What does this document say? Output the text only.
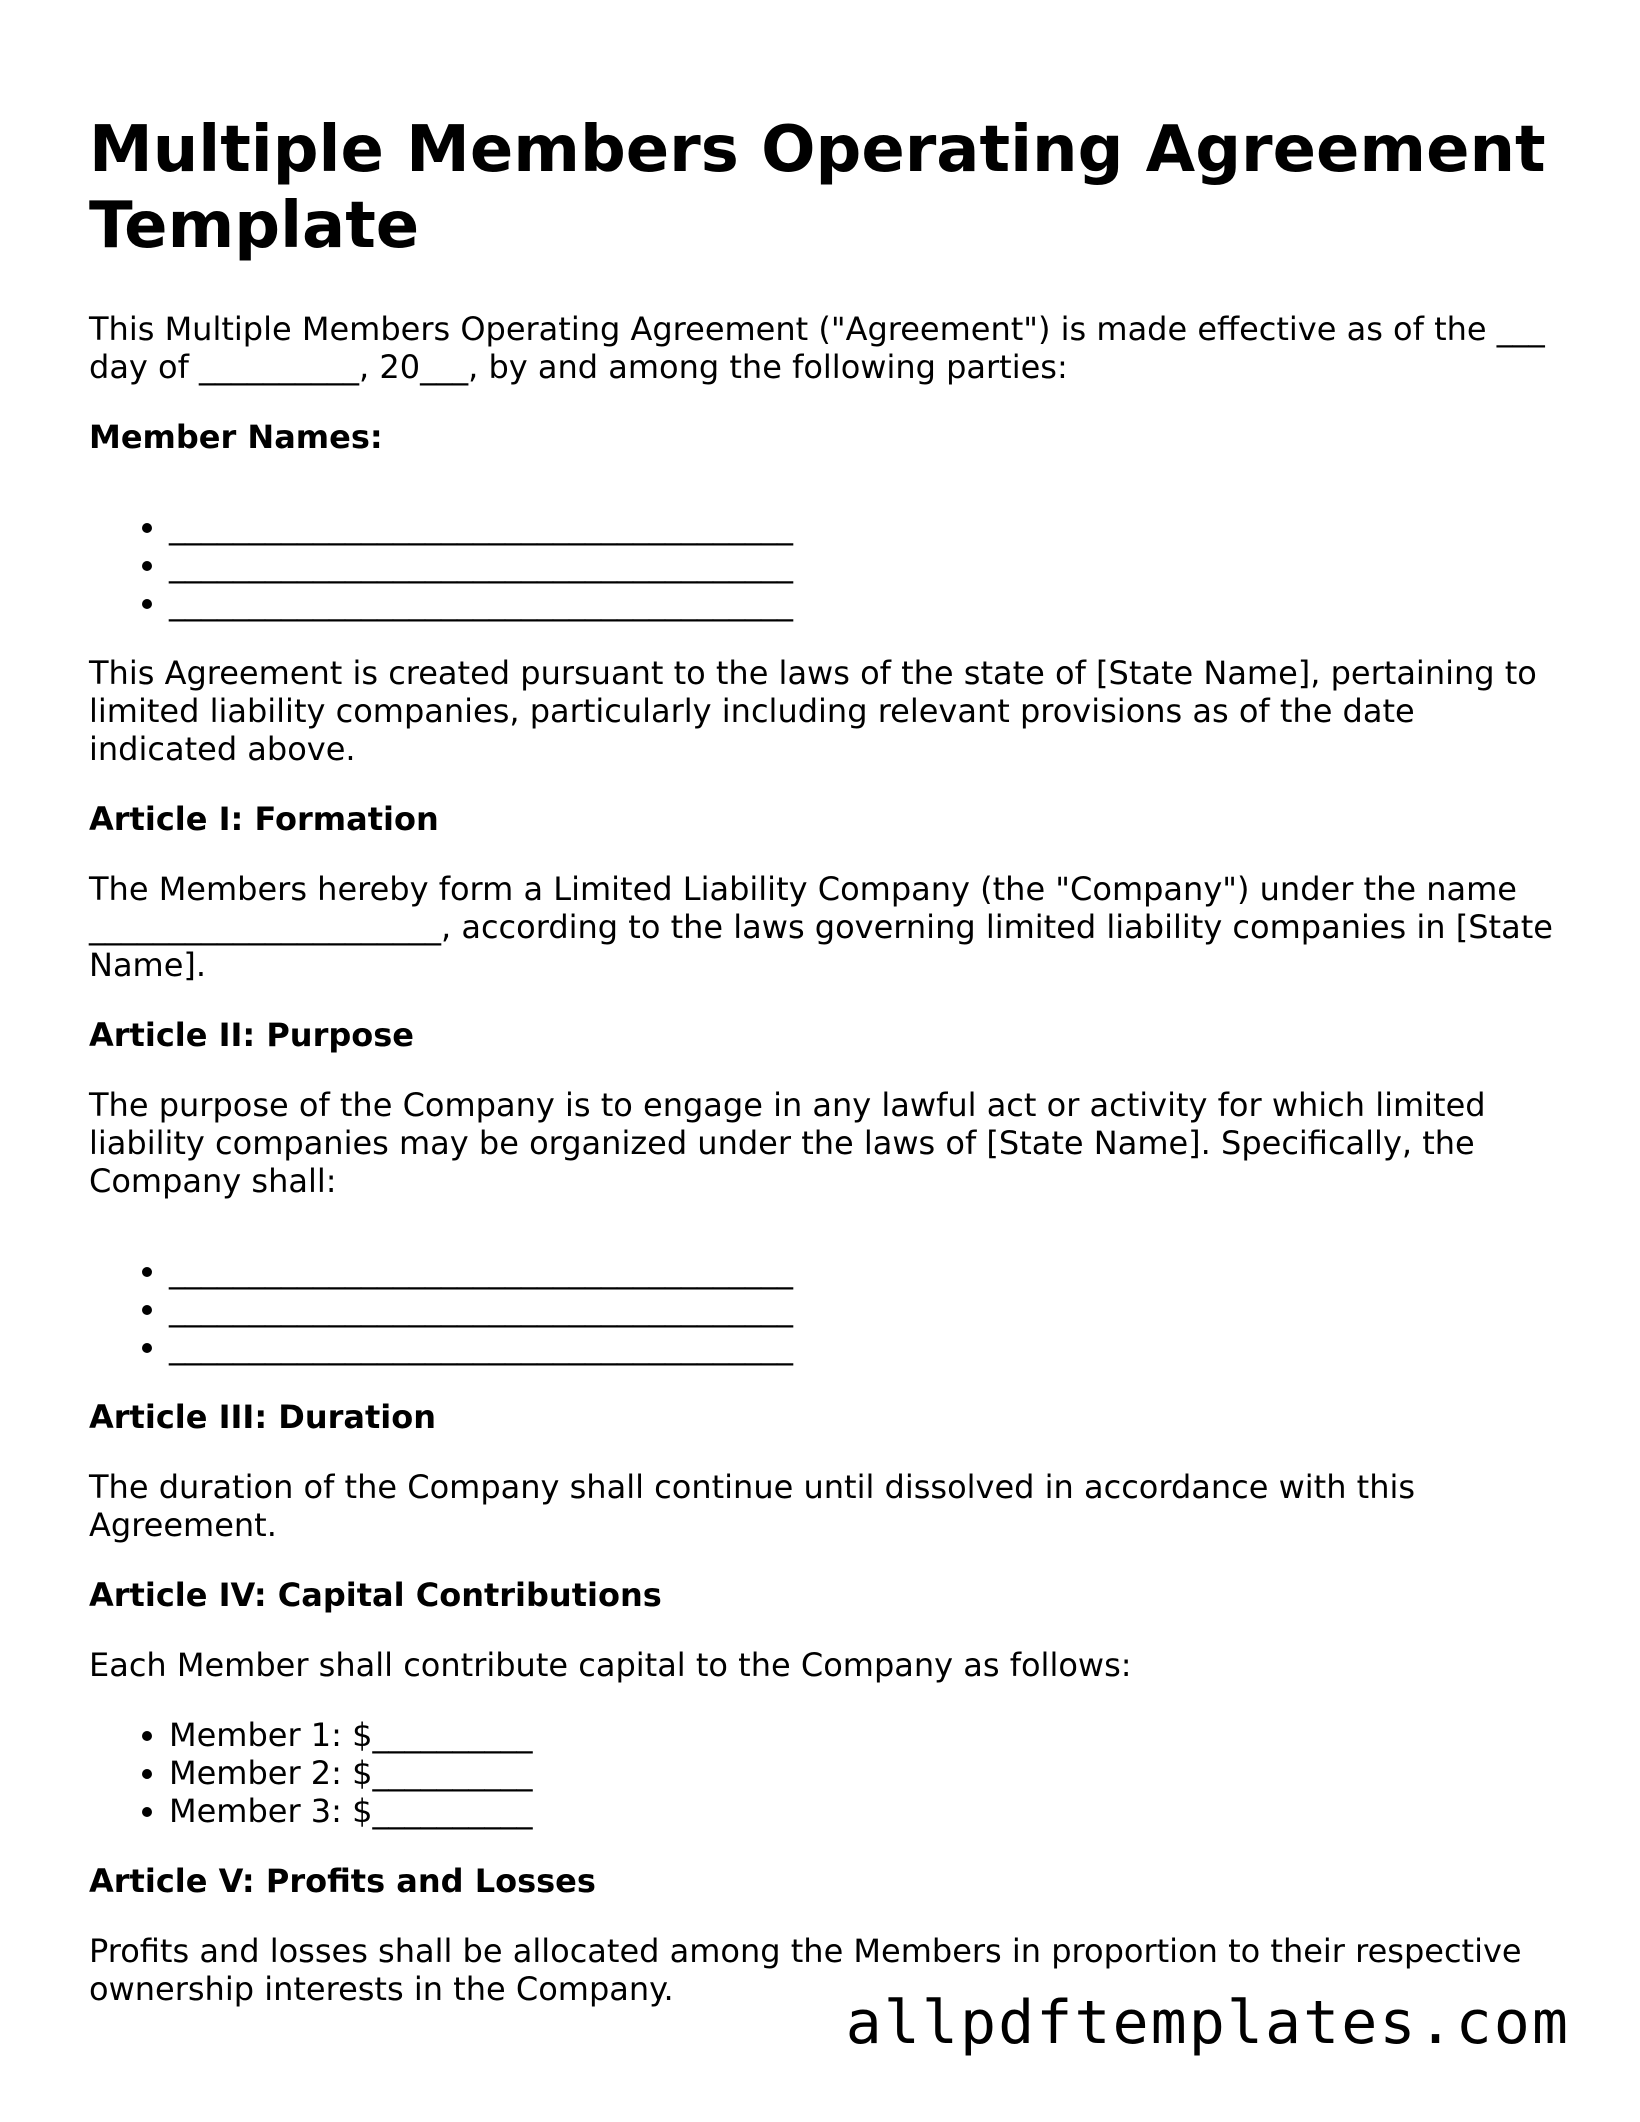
Multiple Members Operating Agreement Template

This Multiple Members Operating Agreement ("Agreement") is made effective as of the ___ day of __________, 20___, by and among the following parties:

Member Names:
• _______________________________________
• _______________________________________
• _______________________________________

This Agreement is created pursuant to the laws of the state of [State Name], pertaining to limited liability companies, particularly including relevant provisions as of the date indicated above.

Article I: Formation

The Members hereby form a Limited Liability Company (the "Company") under the name ______________________, according to the laws governing limited liability companies in [State Name].

Article II: Purpose

The purpose of the Company is to engage in any lawful act or activity for which limited liability companies may be organized under the laws of [State Name]. Specifically, the Company shall:

• _______________________________________
• _______________________________________
• _______________________________________
Article III: Duration

The duration of the Company shall continue until dissolved in accordance with this Agreement.

Article IV: Capital Contributions

Each Member shall contribute capital to the Company as follows:

• Member 1: $__________
• Member 2: $__________
• Member 3: $__________
Article V: Profits and Losses

Profits and losses shall be allocated among the Members in proportion to their respective ownership interests in the Company.	allpdftemplates.com
